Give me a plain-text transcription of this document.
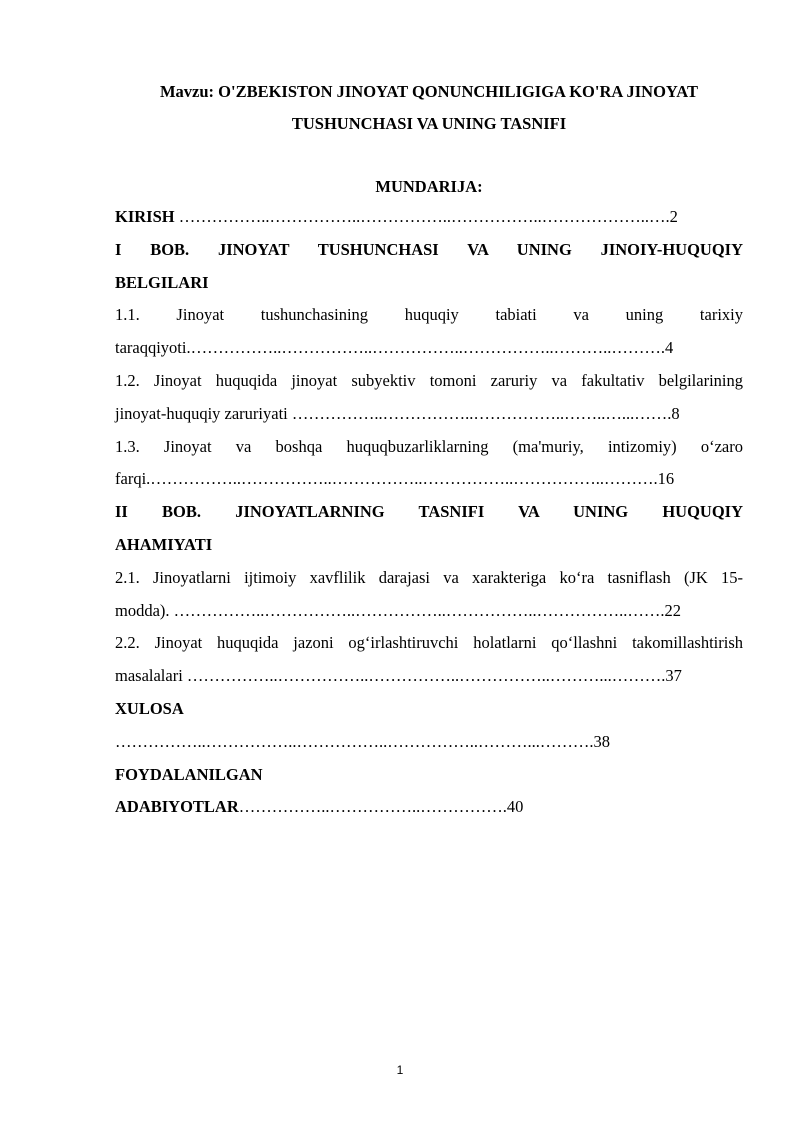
Mavzu: O'ZBEKISTON JINOYAT QONUNCHILIGIGA KO'RA JINOYAT
TUSHUNCHASI VA UNING TASNIFI
MUNDARIJA:
KIRISH ……………..……………..……………..……………..………………..….2
I BOB. JINOYAT TUSHUNCHASI VA UNING JINOIY-HUQUQIY
BELGILARI
1.1. Jinoyat tushunchasining huquqiy tabiati va uning tarixiy
taraqqiyoti.……………..……………..……………..……………..………..……….4
1.2. Jinoyat huquqida jinoyat subyektiv tomoni zaruriy va fakultativ belgilarining
jinoyat-huquqiy zaruriyati ……………..……………..……………..……..…...…….8
1.3. Jinoyat va boshqa huquqbuzarliklarning (ma'muriy, intizomiy) o‘zaro
farqi.……………..……………..……………..……………..……………..……….16
II BOB. JINOYATLARNING TASNIFI VA UNING HUQUQIY
AHAMIYATI
2.1. Jinoyatlarni ijtimoiy xavflilik darajasi va xarakteriga ko‘ra tasniflash (JK 15-
modda). ……………..……………..……………..……………..……………..…….22
2.2. Jinoyat huquqida jazoni og‘irlashtiruvchi holatlarni qo‘llashni takomillashtirish
masalalari ……………..……………..……………..……………..………...……….37
XULOSA
……………..……………..……………..……………..………...……….38
FOYDALANILGAN
ADABIYOTLAR……………..……………..…………….40
1
